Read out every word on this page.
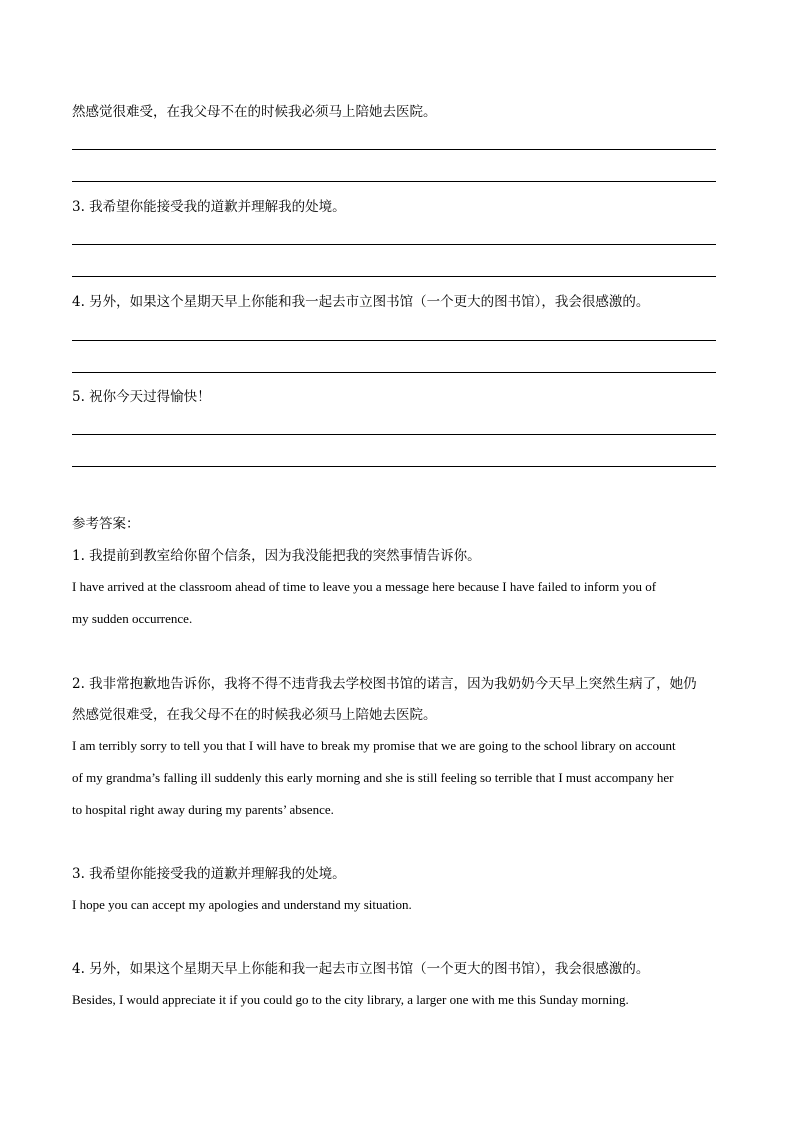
然感觉很难受，在我父母不在的时候我必须马上陪她去医院。
3. 我希望你能接受我的道歉并理解我的处境。
4. 另外，如果这个星期天早上你能和我一起去市立图书馆（一个更大的图书馆），我会很感激的。
5. 祝你今天过得愉快！
参考答案：
1. 我提前到教室给你留个信条，因为我没能把我的突然事情告诉你。
I have arrived at the classroom ahead of time to leave you a message here because I have failed to inform you of
my sudden occurrence.
2. 我非常抱歉地告诉你，我将不得不违背我去学校图书馆的诺言，因为我奶奶今天早上突然生病了，她仍
然感觉很难受，在我父母不在的时候我必须马上陪她去医院。
I am terribly sorry to tell you that I will have to break my promise that we are going to the school library on account
of my grandma’s falling ill suddenly this early morning and she is still feeling so terrible that I must accompany her
to hospital right away during my parents’ absence.
3. 我希望你能接受我的道歉并理解我的处境。
I hope you can accept my apologies and understand my situation.
4. 另外，如果这个星期天早上你能和我一起去市立图书馆（一个更大的图书馆），我会很感激的。
Besides, I would appreciate it if you could go to the city library, a larger one with me this Sunday morning.
